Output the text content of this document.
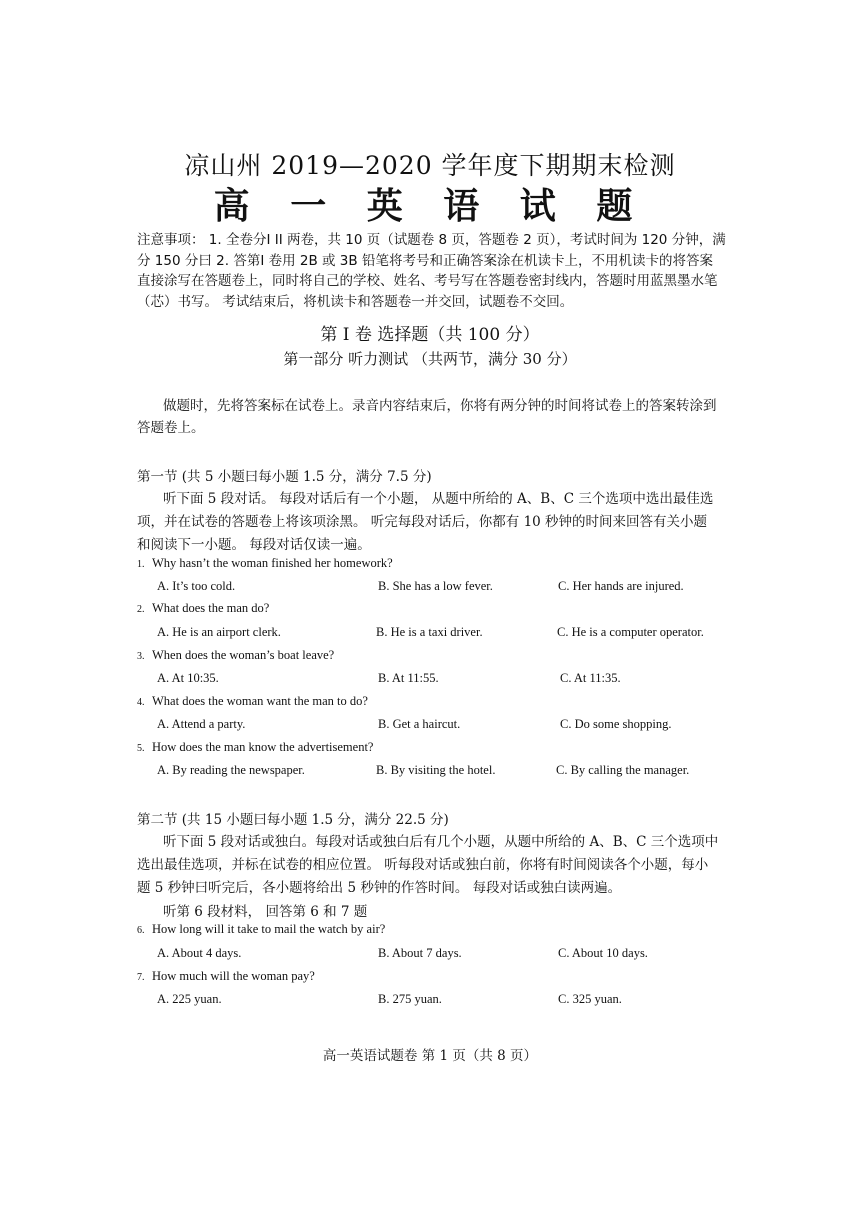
凉山州 2019—2020 学年度下期期末检测
高 一 英 语 试 题
注意事项： 1. 全卷分I II 两卷，共 10 页（试题卷 8 页，答题卷 2 页），考试时间为 120 分钟，满
分 150 分曰 2. 答第I 卷用 2B 或 3B 铅笔将考号和正确答案涂在机读卡上，不用机读卡的将答案
直接涂写在答题卷上，同时将自己的学校、姓名、考号写在答题卷密封线内，答题时用蓝黑墨水笔
（芯）书写。 考试结束后，将机读卡和答题卷一并交回，试题卷不交回。
第 I 卷 选择题（共 100 分）
第一部分 听力测试 （共两节，满分 30 分）
做题时，先将答案标在试卷上。录音内容结束后，你将有两分钟的时间将试卷上的答案转涂到
答题卷上。
第一节 (共 5 小题曰每小题 1.5 分，满分 7.5 分)
听下面 5 段对话。 每段对话后有一个小题， 从题中所给的 A、B、C 三个选项中选出最佳选
项，并在试卷的答题卷上将该项涂黑。 听完每段对话后，你都有 10 秒钟的时间来回答有关小题
和阅读下一小题。 每段对话仅读一遍。
1. Why hasn’t the woman finished her homework?
A. It’s too cold.	B. She has a low fever.	C. Her hands are injured.
2. What does the man do?
A. He is an airport clerk.	B. He is a taxi driver.	C. He is a computer operator.
3. When does the woman’s boat leave?
A. At 10:35.	B. At 11:55.	C. At 11:35.
4. What does the woman want the man to do?
A. Attend a party.	B. Get a haircut.	C. Do some shopping.
5. How does the man know the advertisement?
A. By reading the newspaper.	B. By visiting the hotel.	C. By calling the manager.
第二节 (共 15 小题曰每小题 1.5 分，满分 22.5 分)
听下面 5 段对话或独白。每段对话或独白后有几个小题，从题中所给的 A、B、C 三个选项中
选出最佳选项，并标在试卷的相应位置。 听每段对话或独白前，你将有时间阅读各个小题，每小
题 5 秒钟曰听完后，各小题将给出 5 秒钟的作答时间。 每段对话或独白读两遍。
听第 6 段材料， 回答第 6 和 7 题
6. How long will it take to mail the watch by air?
A. About 4 days.	B. About 7 days.	C. About 10 days.
7. How much will the woman pay?
A. 225 yuan.	B. 275 yuan.	C. 325 yuan.
高一英语试题卷 第 1 页（共 8 页）
